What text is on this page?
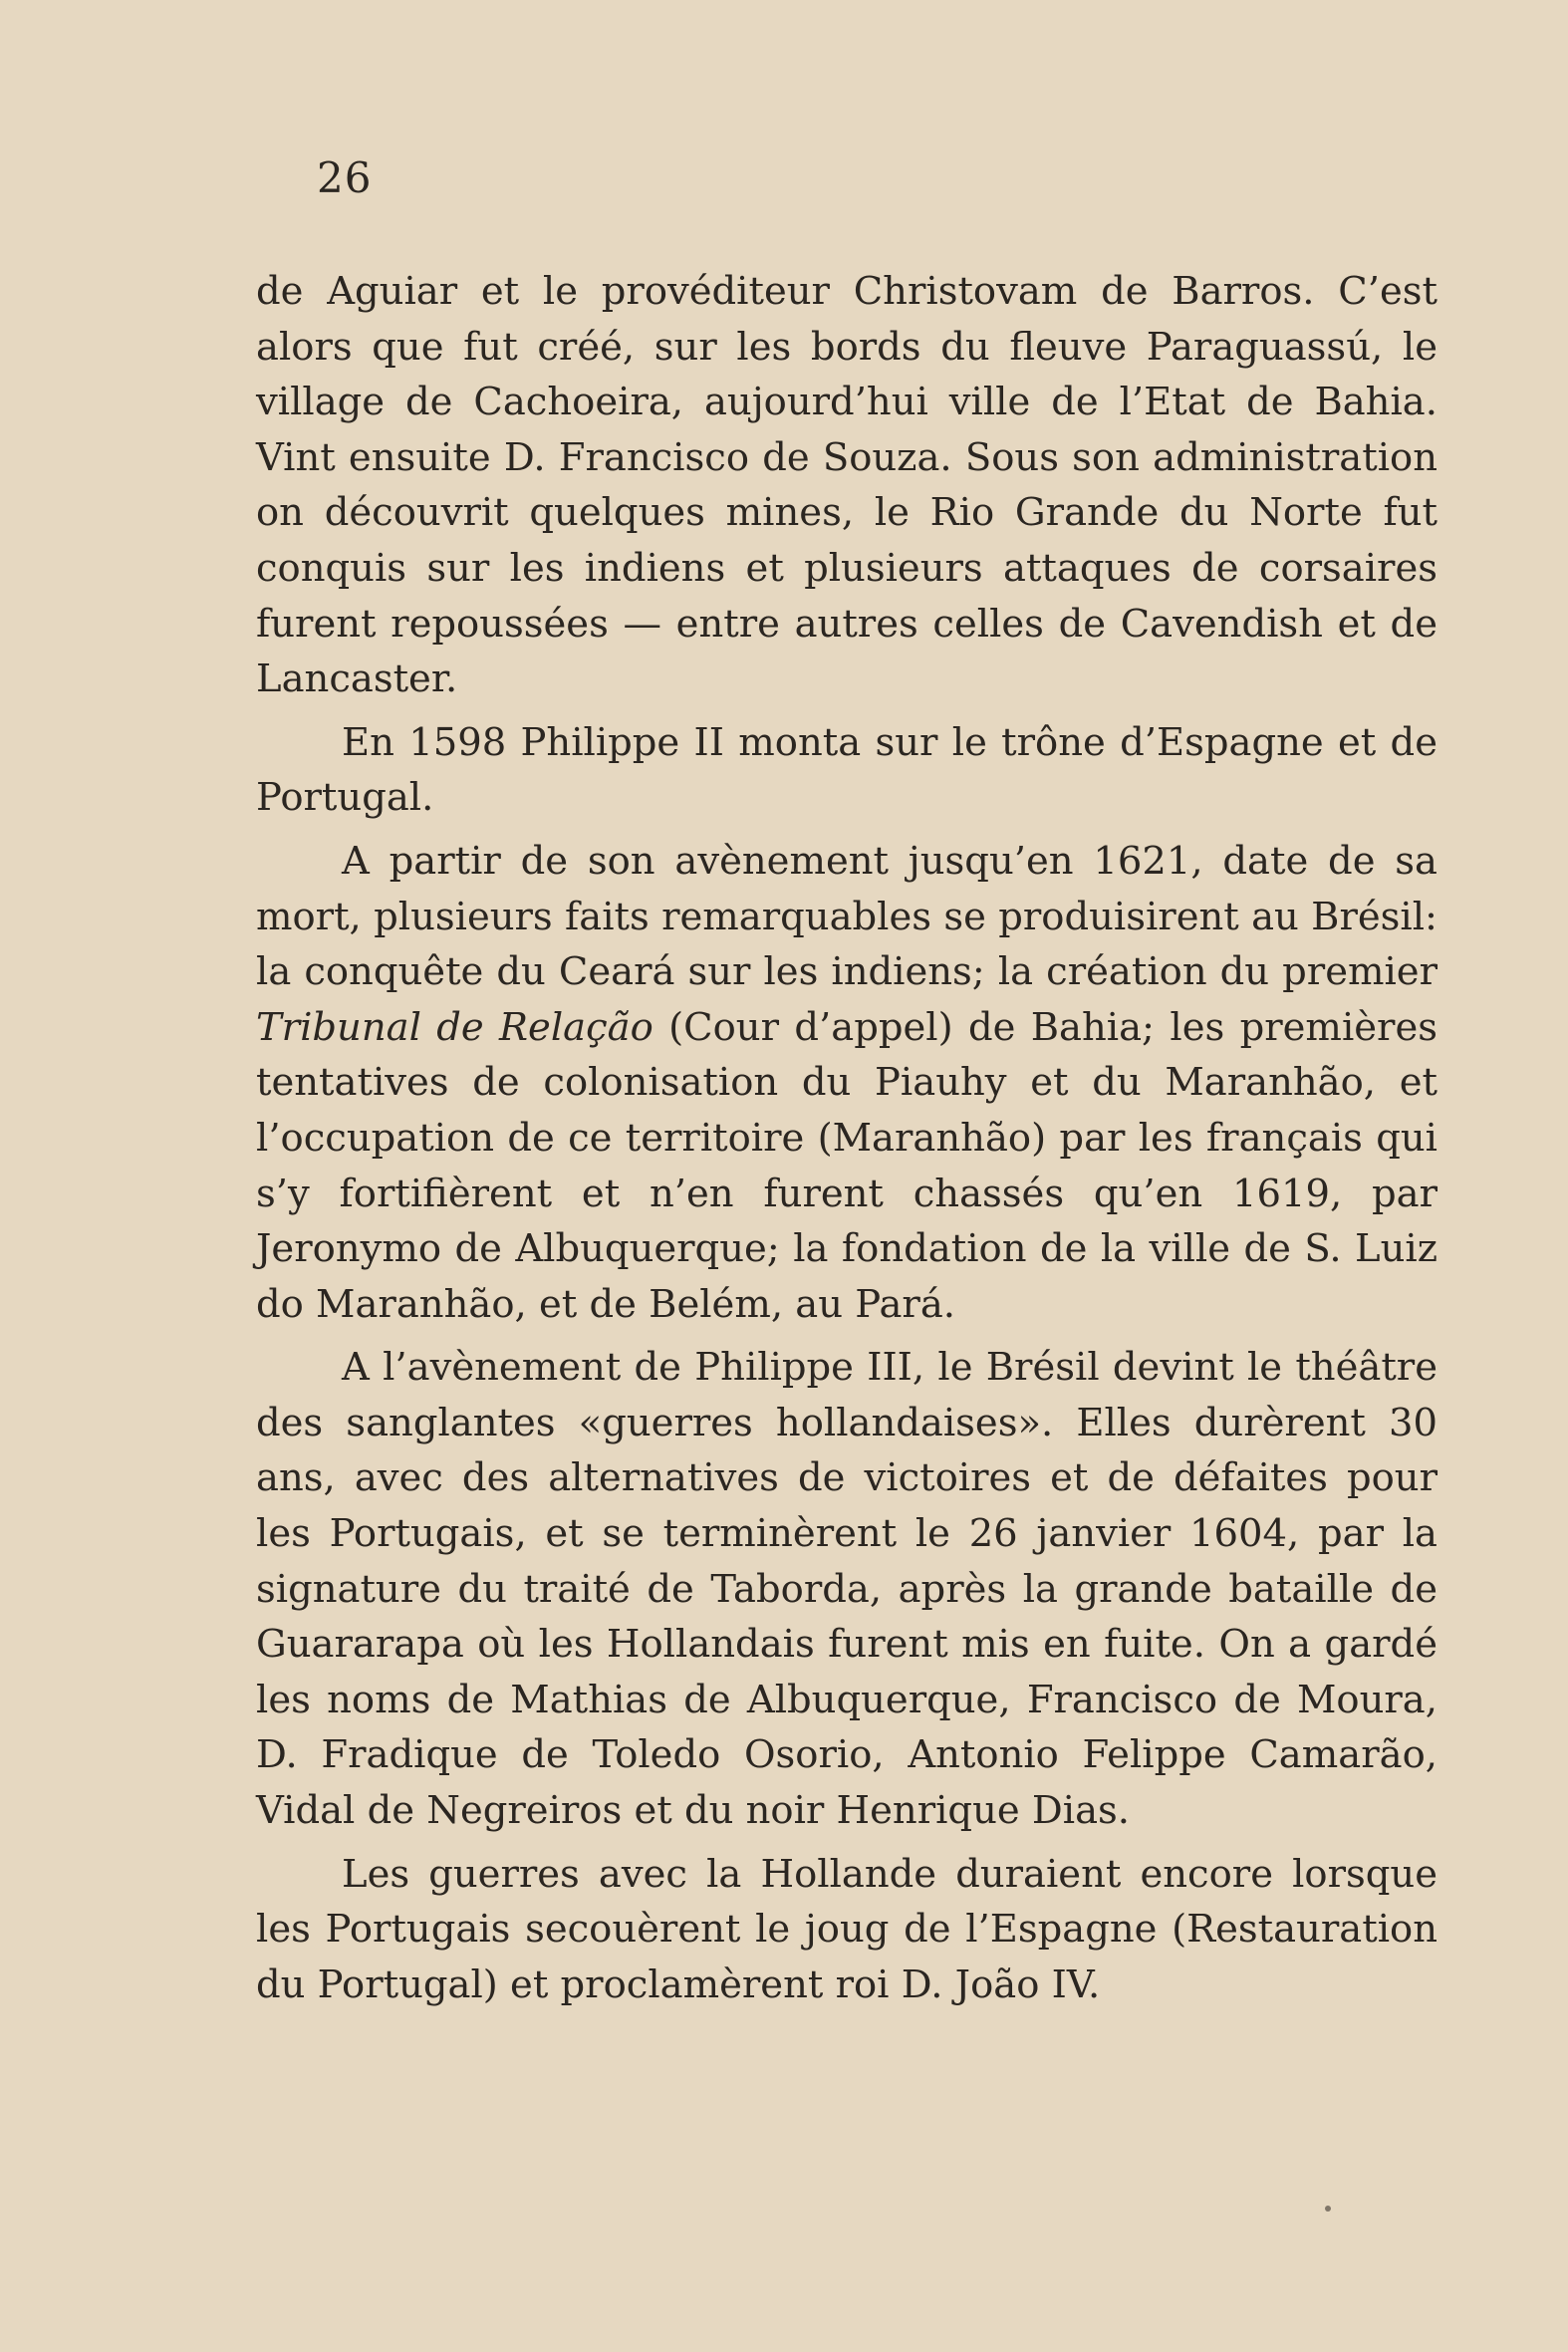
26

de Aguiar et le provéditeur Christovam de Barros. C’est alors que fut créé, sur les bords du fleuve Paraguassú, le village de Cachoeira, aujourd’hui ville de l’Etat de Bahia. Vint ensuite D. Francisco de Souza. Sous son administration on découvrit quelques mines, le Rio Grande du Norte fut conquis sur les indiens et plusieurs attaques de corsaires furent repoussées — entre autres celles de Cavendish et de Lancaster.

En 1598 Philippe II monta sur le trône d’Espagne et de Portugal.

A partir de son avènement jusqu’en 1621, date de sa mort, plusieurs faits remarquables se produisirent au Brésil: la conquête du Ceará sur les indiens; la création du premier Tribunal de Relação (Cour d’appel) de Bahia; les premières tentatives de colonisation du Piauhy et du Maranhão, et l’occupation de ce territoire (Maranhão) par les français qui s’y fortifièrent et n’en furent chassés qu’en 1619, par Jeronymo de Albuquerque; la fondation de la ville de S. Luiz do Maranhão, et de Belém, au Pará.

A l’avènement de Philippe III, le Brésil devint le théâtre des sanglantes «guerres hollandaises». Elles durèrent 30 ans, avec des alternatives de victoires et de défaites pour les Portugais, et se terminèrent le 26 janvier 1604, par la signature du traité de Taborda, après la grande bataille de Guararapa où les Hollandais furent mis en fuite. On a gardé les noms de Mathias de Albuquerque, Francisco de Moura, D. Fradique de Toledo Osorio, Antonio Felippe Camarão, Vidal de Negreiros et du noir Henrique Dias.

Les guerres avec la Hollande duraient encore lorsque les Portugais secouèrent le joug de l’Espagne (Restauration du Portugal) et proclamèrent roi D. João IV.
